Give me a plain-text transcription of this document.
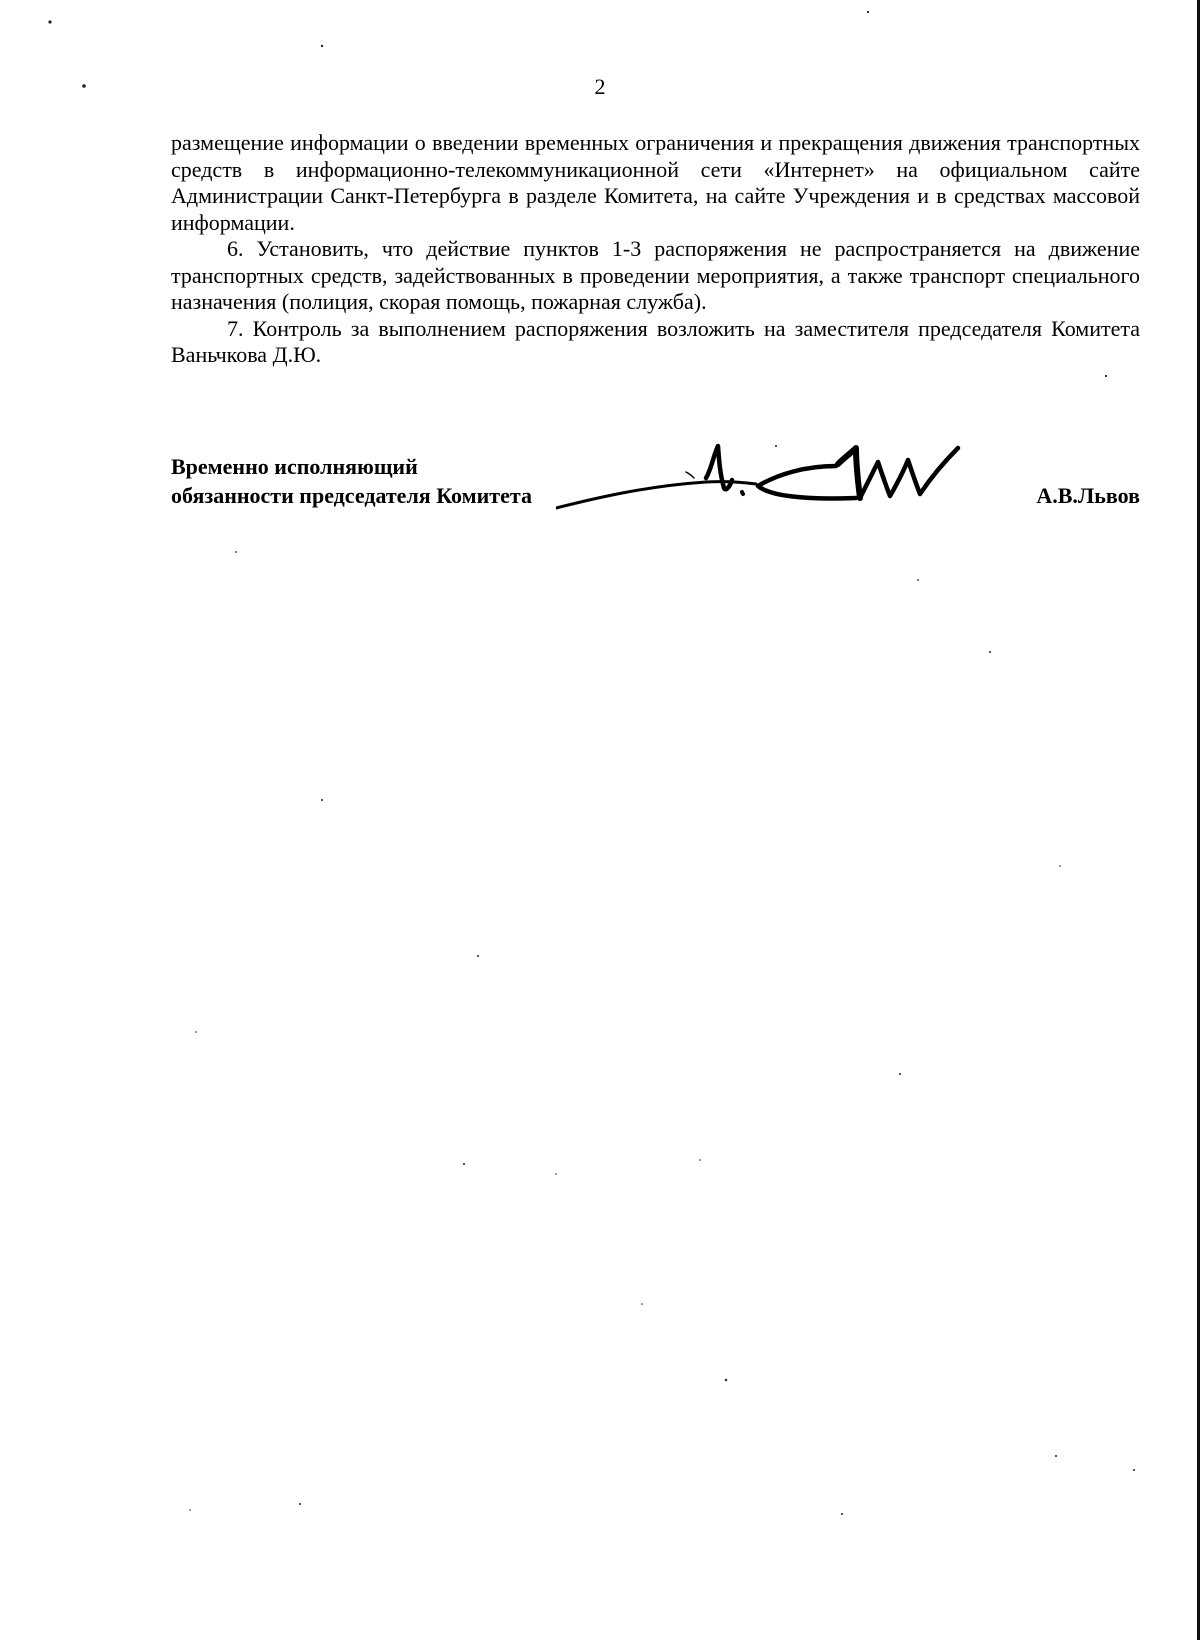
2

размещение информации о введении временных ограничения и прекращения движения транспортных средств в информационно-телекоммуникационной сети «Интернет» на официальном сайте Администрации Санкт-Петербурга в разделе Комитета, на сайте Учреждения и в средствах массовой информации.

6. Установить, что действие пунктов 1-3 распоряжения не распространяется на движение транспортных средств, задействованных в проведении мероприятия, а также транспорт специального назначения (полиция, скорая помощь, пожарная служба).

7. Контроль за выполнением распоряжения возложить на заместителя председателя Комитета Ваньчкова Д.Ю.

Временно исполняющий
обязанности председателя Комитета	А.В.Львов
